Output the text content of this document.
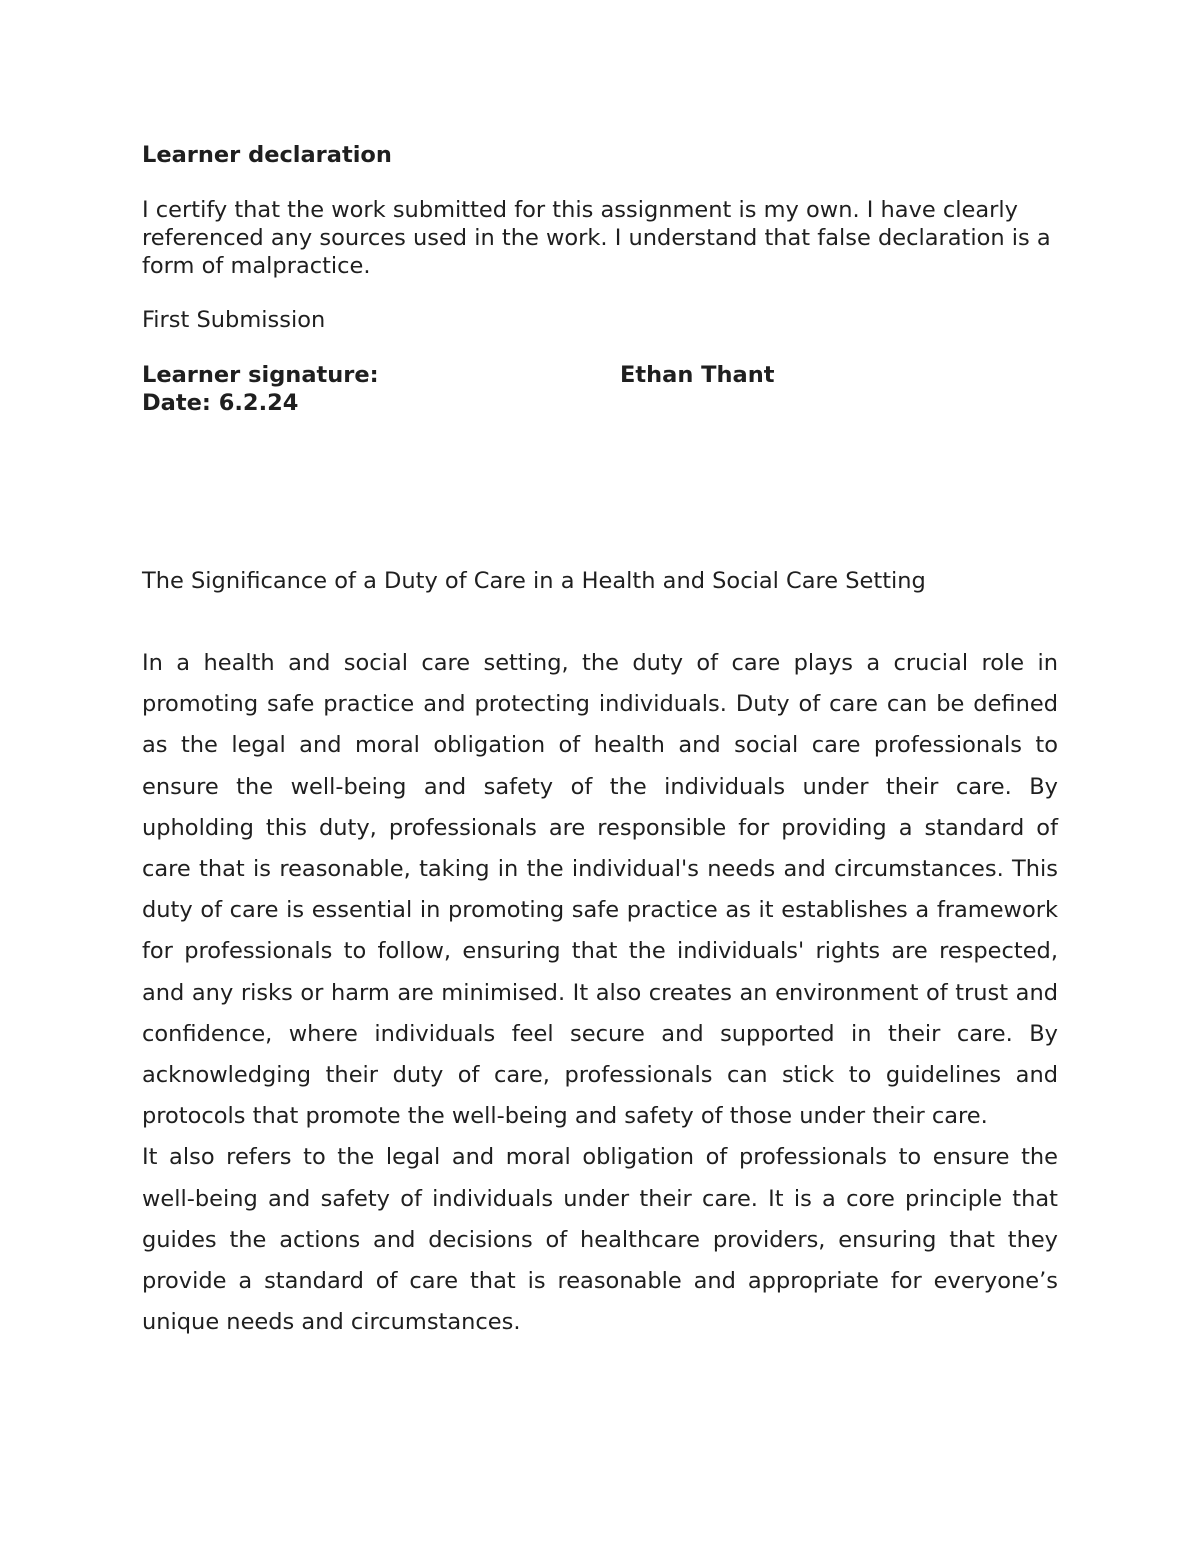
Learner declaration
I certify that the work submitted for this assignment is my own. I have clearly referenced any sources used in the work. I understand that false declaration is a form of malpractice.
First Submission
Learner signature:	Ethan Thant
Date: 6.2.24
The Significance of a Duty of Care in a Health and Social Care Setting

In a health and social care setting, the duty of care plays a crucial role in promoting safe practice and protecting individuals. Duty of care can be defined as the legal and moral obligation of health and social care professionals to ensure the well-being and safety of the individuals under their care. By upholding this duty, professionals are responsible for providing a standard of care that is reasonable, taking in the individual's needs and circumstances. This duty of care is essential in promoting safe practice as it establishes a framework for professionals to follow, ensuring that the individuals' rights are respected, and any risks or harm are minimised. It also creates an environment of trust and confidence, where individuals feel secure and supported in their care. By acknowledging their duty of care, professionals can stick to guidelines and protocols that promote the well-being and safety of those under their care.

It also refers to the legal and moral obligation of professionals to ensure the well-being and safety of individuals under their care. It is a core principle that guides the actions and decisions of healthcare providers, ensuring that they provide a standard of care that is reasonable and appropriate for everyone’s unique needs and circumstances.
